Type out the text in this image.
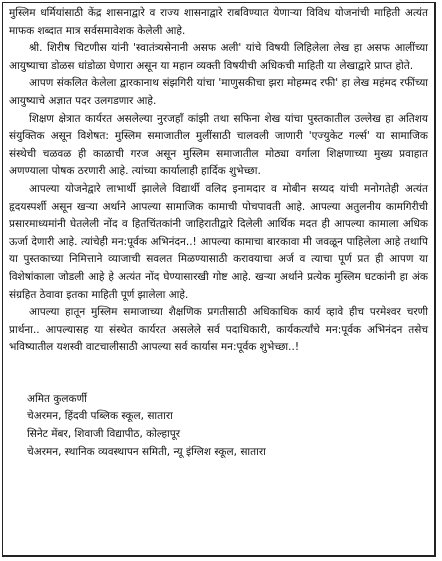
मुस्लिम धर्मियांसाठी केंद्र शासनाद्वारे व राज्य शासनाद्वारे राबविण्यात येणाऱ्या विविध योजनांची माहिती अत्यंत माफक शब्दात मात्र सर्वसमावेशक केलेली आहे.

श्री. शिरीष चिटणीस यांनी 'स्वातंत्र्यसेनानी असफ अली' यांचे विषयी लिहिलेला लेख हा असफ आलींच्या आयुष्याचा डोळस धांडोळा घेणारा असून या महान व्यक्ती विषयीची अधिकची माहिती या लेखाद्वारे प्राप्त होते.

आपण संकलित केलेला द्वारकानाथ संझगिरी यांचा 'माणुसकीचा झरा मोहम्मद रफी' हा लेख महंमद रफींच्या आयुष्याचे अज्ञात पदर उलगडणार आहे.

शिक्षण क्षेत्रात कार्यरत असलेल्या नुरजहाँ कांझी तथा सफिना शेख यांचा पुस्तकातील उल्लेख हा अतिशय संयुक्तिक असून विशेषत: मुस्लिम समाजातील मुलींसाठी चालवली जाणारी 'एज्युकेट गर्ल्स' या सामाजिक संस्थेची चळवळ ही काळाची गरज असून मुस्लिम समाजातील मोठ्या वर्गाला शिक्षणाच्या मुख्य प्रवाहात अणण्याला पोषक ठरणारी आहे. त्यांच्या कार्यालाही हार्दिक शुभेच्छा.

आपल्या योजनेद्वारे लाभार्थी झालेले विद्यार्थी वलिद इनामदार व मोबीन सय्यद यांची मनोगतेही अत्यंत हृदयस्पर्शी असून खऱ्या अर्थाने आपल्या सामाजिक कामाची पोचपावती आहे. आपल्या अतुलनीय कामगिरीची प्रसारमाध्यमांनी घेतलेली नोंद व हितचिंतकांनी जाहिरातीद्वारे दिलेली आर्थिक मदत ही आपल्या कामाला अधिक ऊर्जा देणारी आहे. त्यांचेही मन:पूर्वक अभिनंदन..! आपल्या कामाचा बारकावा मी जवळून पाहिलेला आहे तथापि या पुस्तकाच्या निमित्ताने व्याजाची सवलत मिळण्यासाठी करावयाचा अर्ज व त्याचा पूर्ण प्रत ही आपण या विशेषांकाला जोडली आहे हे अत्यंत नोंद घेण्यासारखी गोष्ट आहे. खऱ्या अर्थाने प्रत्येक मुस्लिम घटकांनी हा अंक संग्रहित ठेवावा इतका माहिती पूर्ण झालेला आहे.

आपल्या हातून मुस्लिम समाजाच्या शैक्षणिक प्रगतीसाठी अधिकाधिक कार्य व्हावे हीच परमेश्वर चरणी प्रार्थना.. आपल्यासह या संस्थेत कार्यरत असलेले सर्व पदाधिकारी, कार्यकर्त्यांचे मन:पूर्वक अभिनंदन तसेच भविष्यातील यशस्वी वाटचालीसाठी आपल्या सर्व कार्यास मन:पूर्वक शुभेच्छा..!

अमित कुलकर्णी
चेअरमन, हिंदवी पब्लिक स्कूल, सातारा
सिनेट मेंबर, शिवाजी विद्यापीठ, कोल्हापूर
चेअरमन, स्थानिक व्यवस्थापन समिती, न्यू इंग्लिश स्कूल, सातारा
